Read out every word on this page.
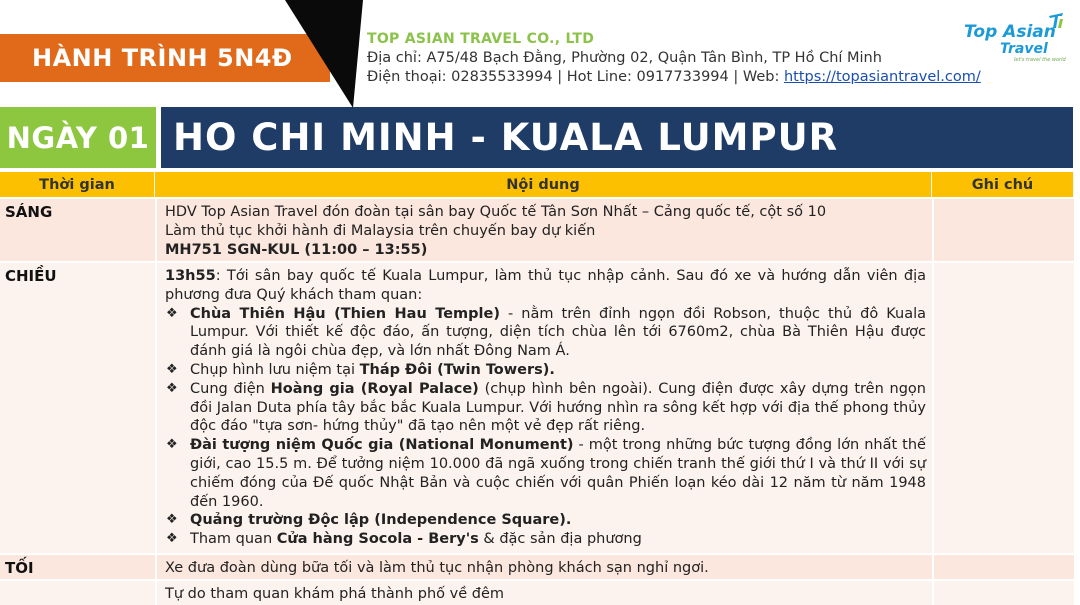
HÀNH TRÌNH 5N4Đ
TOP ASIAN TRAVEL CO., LTD
Địa chỉ: A75/48 Bạch Đằng, Phường 02, Quận Tân Bình, TP Hồ Chí Minh
Điện thoại: 02835533994 | Hot Line: 0917733994 | Web: https://topasiantravel.com/
Top Asian
Travel
let's travel the world
NGÀY 01 HO CHI MINH - KUALA LUMPUR
Thời gian	Nội dung	Ghi chú
SÁNG	HDV Top Asian Travel đón đoàn tại sân bay Quốc tế Tân Sơn Nhất – Cảng quốc tế, cột số 10
Làm thủ tục khởi hành đi Malaysia trên chuyến bay dự kiến
MH751 SGN-KUL (11:00 – 13:55)
CHIỀU	13h55: Tới sân bay quốc tế Kuala Lumpur, làm thủ tục nhập cảnh. Sau đó xe và hướng dẫn viên địa phương đưa Quý khách tham quan:
❖ Chùa Thiên Hậu (Thien Hau Temple) - nằm trên đỉnh ngọn đồi Robson, thuộc thủ đô Kuala Lumpur. Với thiết kế độc đáo, ấn tượng, diện tích chùa lên tới 6760m2, chùa Bà Thiên Hậu được đánh giá là ngôi chùa đẹp, và lớn nhất Đông Nam Á.
❖ Chụp hình lưu niệm tại Tháp Đôi (Twin Towers).
❖ Cung điện Hoàng gia (Royal Palace) (chụp hình bên ngoài). Cung điện được xây dựng trên ngọn đồi Jalan Duta phía tây bắc bắc Kuala Lumpur. Với hướng nhìn ra sông kết hợp với địa thế phong thủy độc đáo "tựa sơn- hứng thủy" đã tạo nên một vẻ đẹp rất riêng.
❖ Đài tượng niệm Quốc gia (National Monument) - một trong những bức tượng đồng lớn nhất thế giới, cao 15.5 m. Để tưởng niệm 10.000 đã ngã xuống trong chiến tranh thế giới thứ I và thứ II với sự chiếm đóng của Đế quốc Nhật Bản và cuộc chiến với quân Phiến loạn kéo dài 12 năm từ năm 1948 đến 1960.
❖ Quảng trường Độc lập (Independence Square).
❖ Tham quan Cửa hàng Socola - Bery's & đặc sản địa phương
TỐI	Xe đưa đoàn dùng bữa tối và làm thủ tục nhận phòng khách sạn nghỉ ngơi.
Tự do tham quan khám phá thành phố về đêm
